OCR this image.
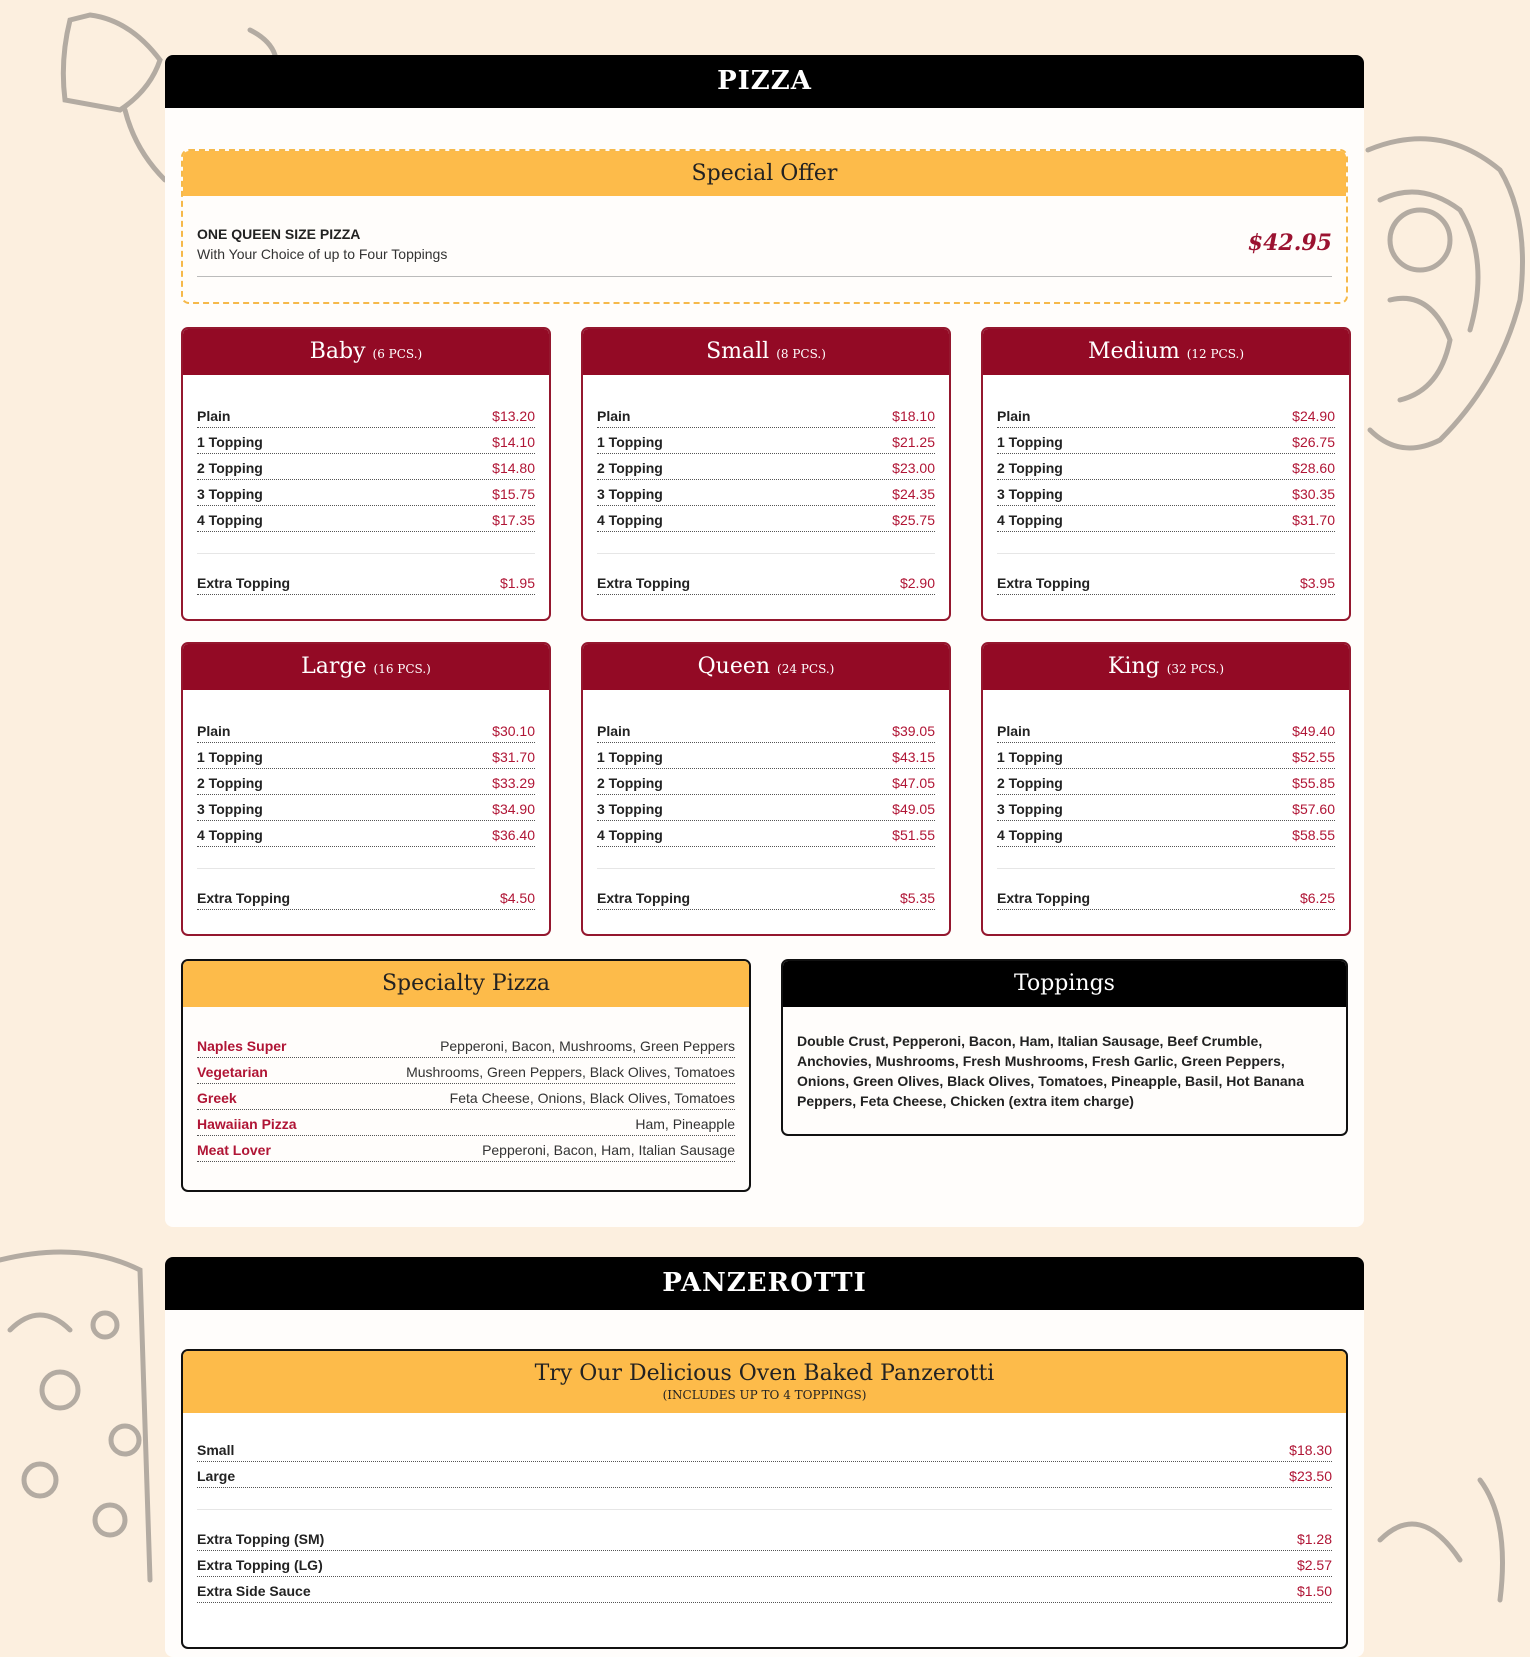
PIZZA
Special Offer
ONE QUEEN SIZE PIZZA
With Your Choice of up to Four Toppings	$42.95
Baby (6 PCS.)
Plain	$13.20
1 Topping	$14.10
2 Topping	$14.80
3 Topping	$15.75
4 Topping	$17.35
Extra Topping	$1.95
Small (8 PCS.)
Plain	$18.10
1 Topping	$21.25
2 Topping	$23.00
3 Topping	$24.35
4 Topping	$25.75
Extra Topping	$2.90
Medium (12 PCS.)
Plain	$24.90
1 Topping	$26.75
2 Topping	$28.60
3 Topping	$30.35
4 Topping	$31.70
Extra Topping	$3.95
Large (16 PCS.)
Plain	$30.10
1 Topping	$31.70
2 Topping	$33.29
3 Topping	$34.90
4 Topping	$36.40
Extra Topping	$4.50
Queen (24 PCS.)
Plain	$39.05
1 Topping	$43.15
2 Topping	$47.05
3 Topping	$49.05
4 Topping	$51.55
Extra Topping	$5.35
King (32 PCS.)
Plain	$49.40
1 Topping	$52.55
2 Topping	$55.85
3 Topping	$57.60
4 Topping	$58.55
Extra Topping	$6.25
Specialty Pizza
Naples Super	Pepperoni, Bacon, Mushrooms, Green Peppers
Vegetarian	Mushrooms, Green Peppers, Black Olives, Tomatoes
Greek	Feta Cheese, Onions, Black Olives, Tomatoes
Hawaiian Pizza	Ham, Pineapple
Meat Lover	Pepperoni, Bacon, Ham, Italian Sausage
Toppings
Double Crust, Pepperoni, Bacon, Ham, Italian Sausage, Beef Crumble, Anchovies, Mushrooms, Fresh Mushrooms, Fresh Garlic, Green Peppers, Onions, Green Olives, Black Olives, Tomatoes, Pineapple, Basil, Hot Banana Peppers, Feta Cheese, Chicken (extra item charge)
PANZEROTTI
Try Our Delicious Oven Baked Panzerotti
(INCLUDES UP TO 4 TOPPINGS)
Small	$18.30
Large	$23.50
Extra Topping (SM)	$1.28
Extra Topping (LG)	$2.57
Extra Side Sauce	$1.50
